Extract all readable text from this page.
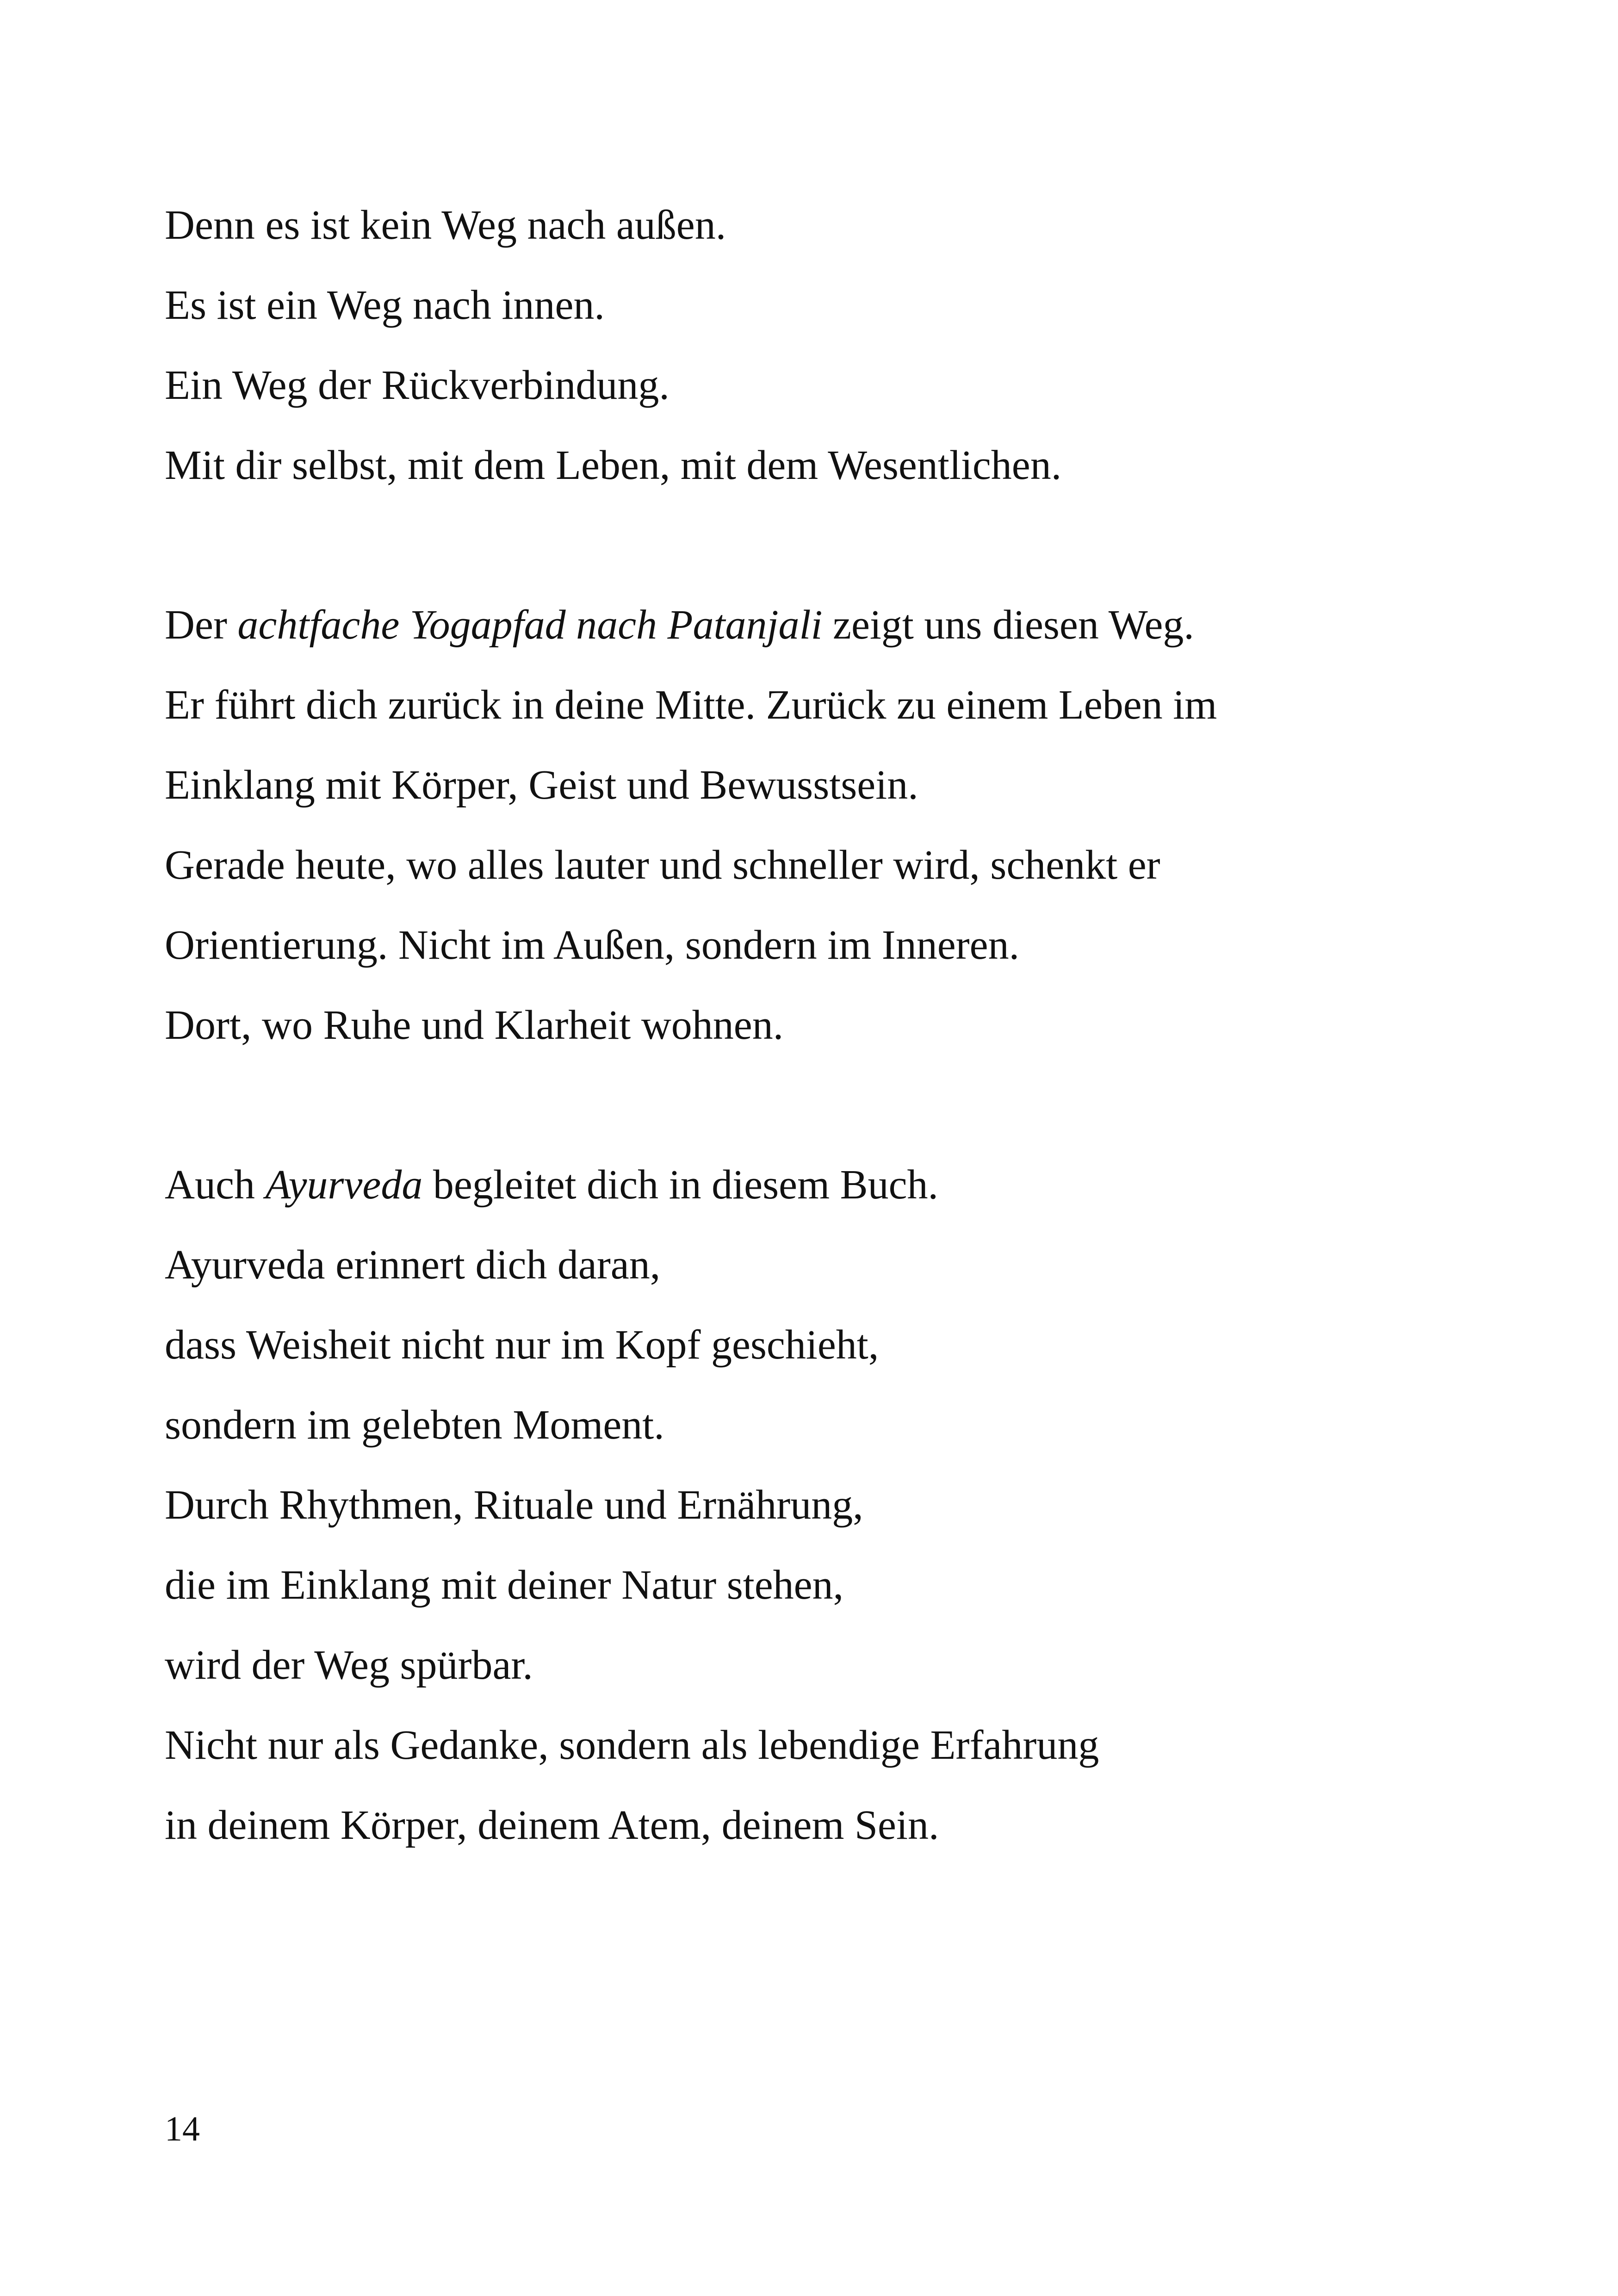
Denn es ist kein Weg nach außen.

Es ist ein Weg nach innen.

Ein Weg der Rückverbindung.

Mit dir selbst, mit dem Leben, mit dem Wesentlichen.

Der achtfache Yogapfad nach Patanjali zeigt uns diesen Weg.

Er führt dich zurück in deine Mitte. Zurück zu einem Leben im

Einklang mit Körper, Geist und Bewusstsein.

Gerade heute, wo alles lauter und schneller wird, schenkt er

Orientierung. Nicht im Außen, sondern im Inneren.

Dort, wo Ruhe und Klarheit wohnen.

Auch Ayurveda begleitet dich in diesem Buch.

Ayurveda erinnert dich daran,

dass Weisheit nicht nur im Kopf geschieht,

sondern im gelebten Moment.

Durch Rhythmen, Rituale und Ernährung,

die im Einklang mit deiner Natur stehen,

wird der Weg spürbar.

Nicht nur als Gedanke, sondern als lebendige Erfahrung

in deinem Körper, deinem Atem, deinem Sein.

14
